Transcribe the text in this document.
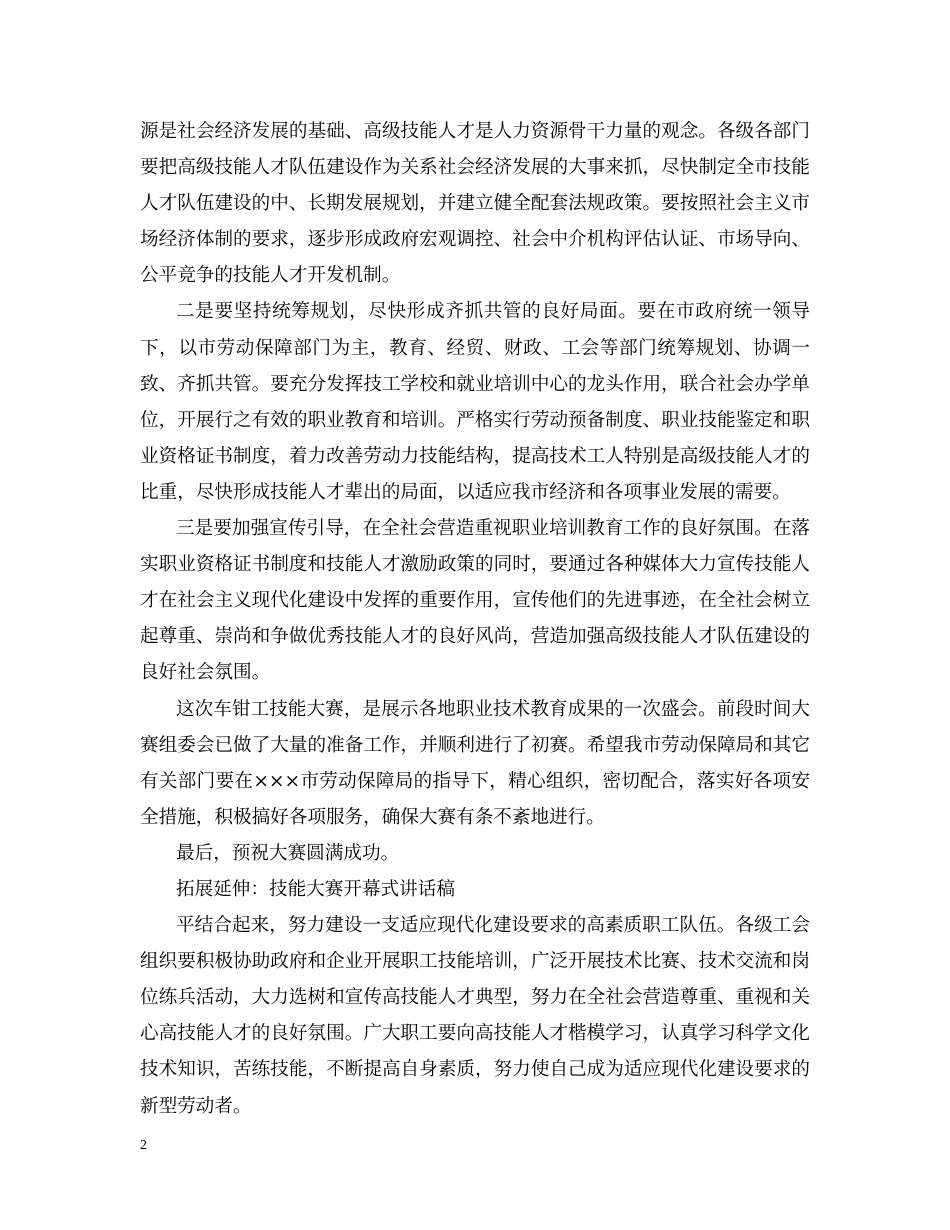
源是社会经济发展的基础、高级技能人才是人力资源骨干力量的观念。各级各部门要把高级技能人才队伍建设作为关系社会经济发展的大事来抓，尽快制定全市技能人才队伍建设的中、长期发展规划，并建立健全配套法规政策。要按照社会主义市场经济体制的要求，逐步形成政府宏观调控、社会中介机构评估认证、市场导向、公平竞争的技能人才开发机制。

二是要坚持统筹规划，尽快形成齐抓共管的良好局面。要在市政府统一领导下，以市劳动保障部门为主，教育、经贸、财政、工会等部门统筹规划、协调一致、齐抓共管。要充分发挥技工学校和就业培训中心的龙头作用，联合社会办学单位，开展行之有效的职业教育和培训。严格实行劳动预备制度、职业技能鉴定和职业资格证书制度，着力改善劳动力技能结构，提高技术工人特别是高级技能人才的比重，尽快形成技能人才辈出的局面，以适应我市经济和各项事业发展的需要。

三是要加强宣传引导，在全社会营造重视职业培训教育工作的良好氛围。在落实职业资格证书制度和技能人才激励政策的同时，要通过各种媒体大力宣传技能人才在社会主义现代化建设中发挥的重要作用，宣传他们的先进事迹，在全社会树立起尊重、崇尚和争做优秀技能人才的良好风尚，营造加强高级技能人才队伍建设的良好社会氛围。

这次车钳工技能大赛，是展示各地职业技术教育成果的一次盛会。前段时间大赛组委会已做了大量的准备工作，并顺利进行了初赛。希望我市劳动保障局和其它有关部门要在×××市劳动保障局的指导下，精心组织，密切配合，落实好各项安全措施，积极搞好各项服务，确保大赛有条不紊地进行。

最后，预祝大赛圆满成功。

拓展延伸：技能大赛开幕式讲话稿

平结合起来，努力建设一支适应现代化建设要求的高素质职工队伍。各级工会组织要积极协助政府和企业开展职工技能培训，广泛开展技术比赛、技术交流和岗位练兵活动，大力选树和宣传高技能人才典型，努力在全社会营造尊重、重视和关心高技能人才的良好氛围。广大职工要向高技能人才楷模学习，认真学习科学文化技术知识，苦练技能，不断提高自身素质，努力使自己成为适应现代化建设要求的新型劳动者。

2
